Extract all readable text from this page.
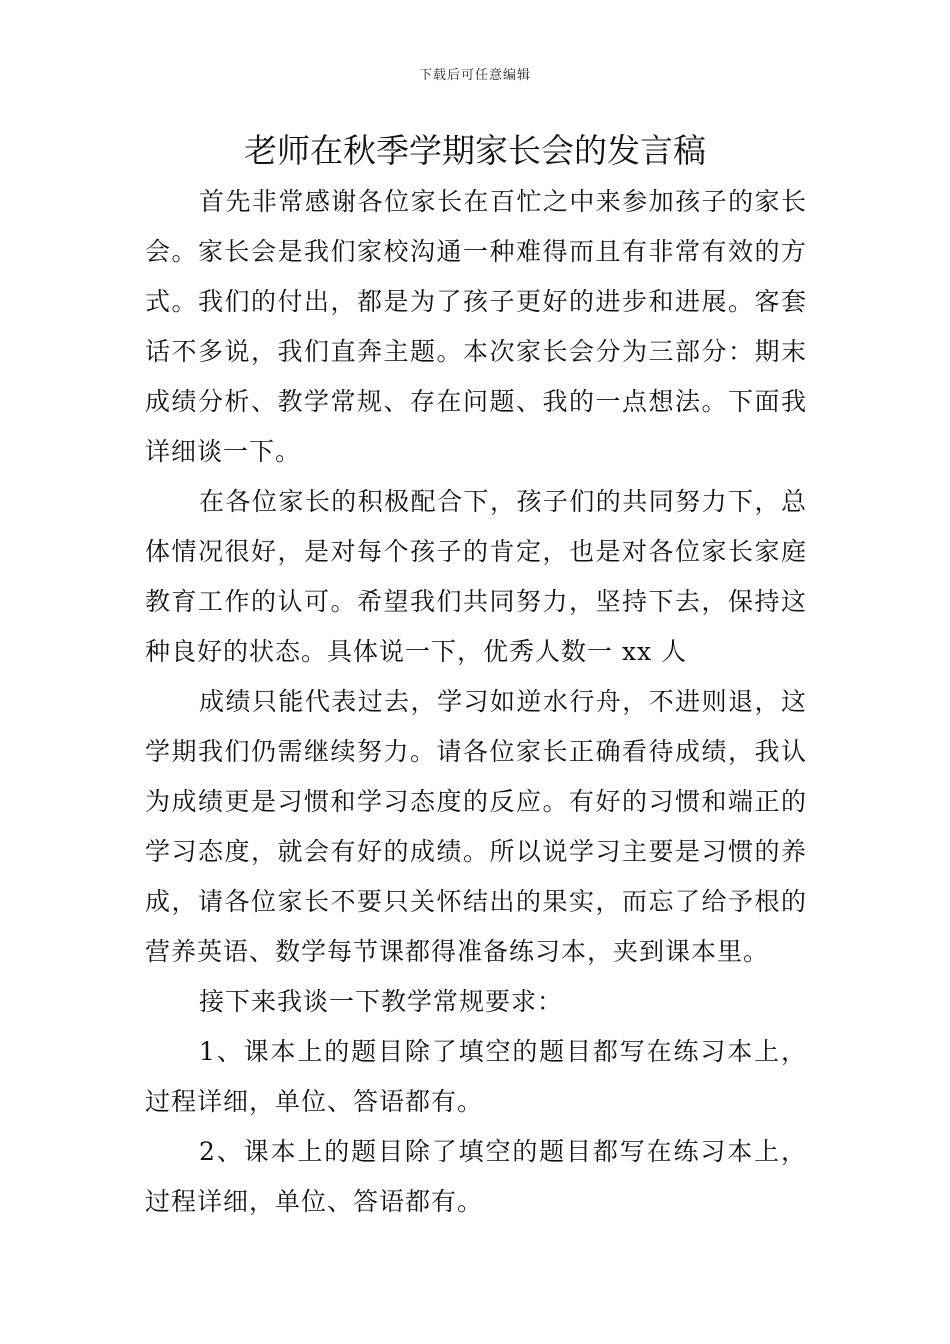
下载后可任意编辑
老师在秋季学期家长会的发言稿

首先非常感谢各位家长在百忙之中来参加孩子的家长会。家长会是我们家校沟通一种难得而且有非常有效的方式。我们的付出，都是为了孩子更好的进步和进展。客套话不多说，我们直奔主题。本次家长会分为三部分：期末成绩分析、教学常规、存在问题、我的一点想法。下面我详细谈一下。

在各位家长的积极配合下，孩子们的共同努力下，总体情况很好，是对每个孩子的肯定，也是对各位家长家庭教育工作的认可。希望我们共同努力，坚持下去，保持这种良好的状态。具体说一下，优秀人数一 xx 人

成绩只能代表过去，学习如逆水行舟，不进则退，这学期我们仍需继续努力。请各位家长正确看待成绩，我认为成绩更是习惯和学习态度的反应。有好的习惯和端正的学习态度，就会有好的成绩。所以说学习主要是习惯的养成，请各位家长不要只关怀结出的果实，而忘了给予根的营养英语、数学每节课都得准备练习本，夹到课本里。

接下来我谈一下教学常规要求：

1、课本上的题目除了填空的题目都写在练习本上，过程详细，单位、答语都有。

2、课本上的题目除了填空的题目都写在练习本上，过程详细，单位、答语都有。
